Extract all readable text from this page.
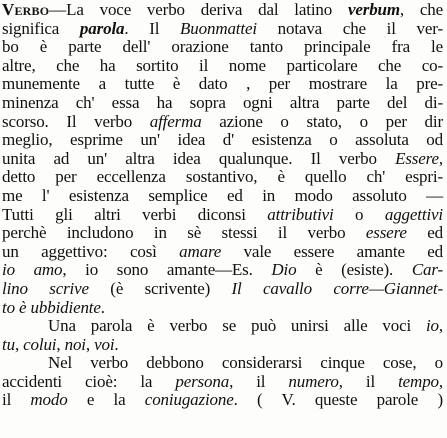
Verbo—La voce verbo deriva dal latino verbum, che
significa parola. Il Buonmattei notava che il ver-
bo è parte dell' orazione tanto principale fra le
altre, che ha sortito il nome particolare che co-
munemente a tutte è dato , per mostrare la pre-
minenza ch' essa ha sopra ogni altra parte del di-
scorso. Il verbo afferma azione o stato, o per dir
meglio, esprime un' idea d' esistenza o assoluta od
unita ad un' altra idea qualunque. Il verbo Essere,
detto per eccellenza sostantivo, è quello ch' espri-
me l' esistenza semplice ed in modo assoluto —
Tutti gli altri verbi diconsi attributivi o aggettivi
perchè includono in sè stessi il verbo essere ed
un aggettivo: così amare vale essere amante ed
io amo, io sono amante—Es. Dio è (esiste). Car-
lino scrive (è scrivente) Il cavallo corre—Giannet-
to è ubbidiente.
Una parola è verbo se può unirsi alle voci io,
tu, colui, noi, voi.
Nel verbo debbono considerarsi cinque cose, o
accidenti cioè: la persona, il numero, il tempo,
il modo e la coniugazione. ( V. queste parole )
